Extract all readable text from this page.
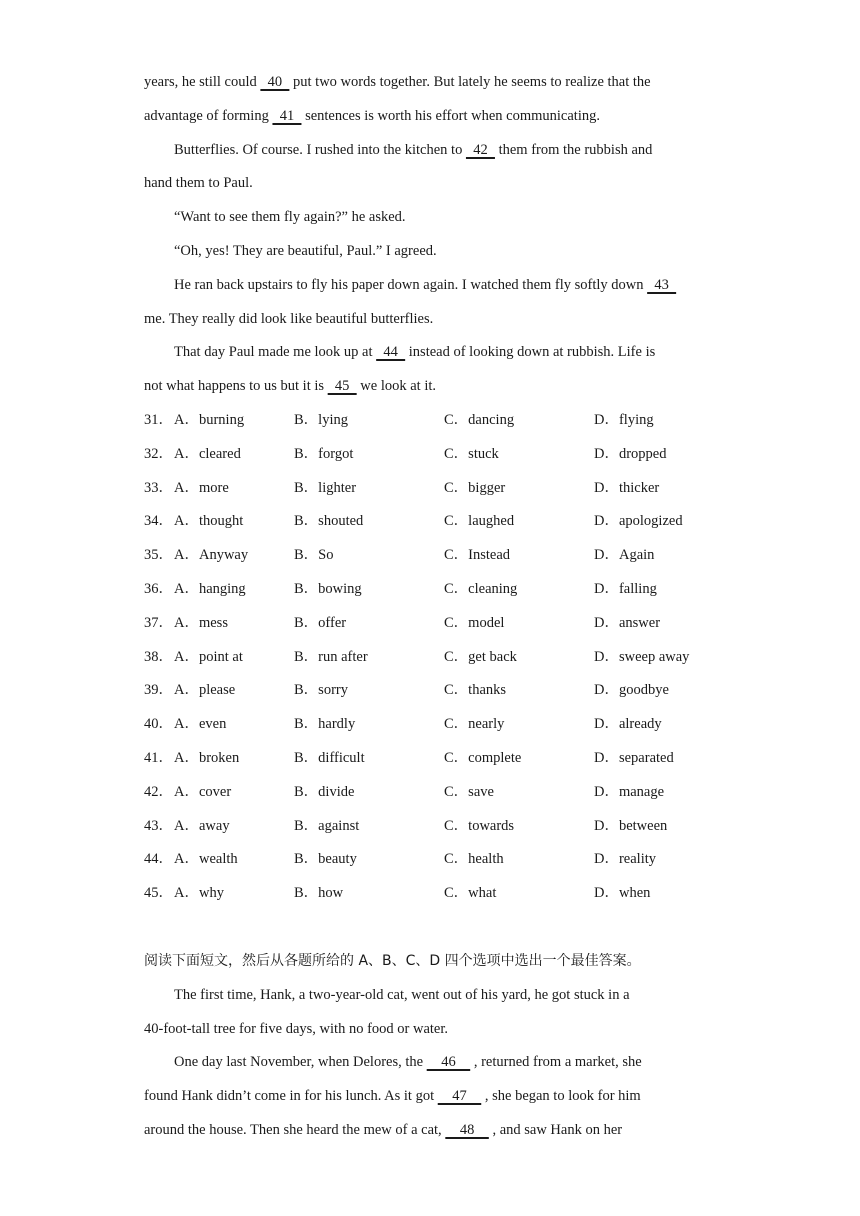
years, he still could   40   put two words together. But lately he seems to realize that the
advantage of forming   41   sentences is worth his effort when communicating.
Butterflies. Of course. I rushed into the kitchen to   42   them from the rubbish and
hand them to Paul.
“Want to see them fly again?” he asked.
“Oh, yes! They are beautiful, Paul.” I agreed.
He ran back upstairs to fly his paper down again. I watched them fly softly down   43
me. They really did look like beautiful butterflies.
That day Paul made me look up at   44   instead of looking down at rubbish. Life is
not what happens to us but it is   45   we look at it.
31． A．burning	B．lying	C．dancing	D．flying
32． A．cleared	B．forgot	C．stuck	D．dropped
33． A．more	B．lighter	C．bigger	D．thicker
34． A．thought	B．shouted	C．laughed	D．apologized
35． A．Anyway	B．So	C．Instead	D．Again
36． A．hanging	B．bowing	C．cleaning	D．falling
37． A．mess	B．offer	C．model	D．answer
38． A．point at	B．run after	C．get back	D．sweep away
39． A．please	B．sorry	C．thanks	D．goodbye
40． A．even	B．hardly	C．nearly	D．already
41． A．broken	B．difficult	C．complete	D．separated
42． A．cover	B．divide	C．save	D．manage
43． A．away	B．against	C．towards	D．between
44． A．wealth	B．beauty	C．health	D．reality
45． A．why	B．how	C．what	D．when
阅读下面短文，然后从各题所给的 A、B、C、D 四个选项中选出一个最佳答案。
The first time, Hank, a two-year-old cat, went out of his yard, he got stuck in a
40-foot-tall tree for five days, with no food or water.
One day last November, when Delores, the     46     , returned from a market, she
found Hank didn’t come in for his lunch. As it got     47     , she began to look for him
around the house. Then she heard the mew of a cat,     48     , and saw Hank on her
